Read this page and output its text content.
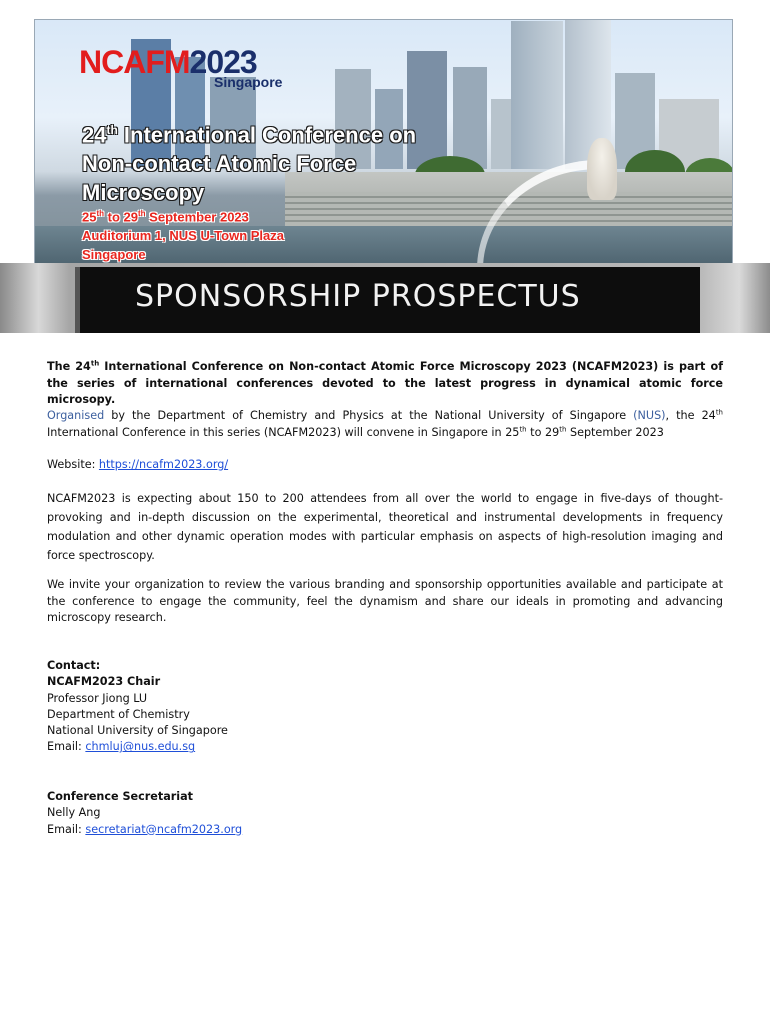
NCAFM2023
Singapore
24th International Conference on
Non-contact Atomic Force
Microscopy
25th to 29th September 2023
Auditorium 1, NUS U-Town Plaza
Singapore
SPONSORSHIP PROSPECTUS
The 24th International Conference on Non-contact Atomic Force Microscopy 2023 (NCAFM2023) is part of the series of international conferences devoted to the latest progress in dynamical atomic force microsopy.
Organised by the Department of Chemistry and Physics at the National University of Singapore (NUS), the 24th International Conference in this series (NCAFM2023) will convene in Singapore in 25th to 29th September 2023
Website: https://ncafm2023.org/
NCAFM2023 is expecting about 150 to 200 attendees from all over the world to engage in five-days of thought-provoking and in-depth discussion on the experimental, theoretical and instrumental developments in frequency modulation and other dynamic operation modes with particular emphasis on aspects of high-resolution imaging and force spectroscopy.
We invite your organization to review the various branding and sponsorship opportunities available and participate at the conference to engage the community, feel the dynamism and share our ideals in promoting and advancing microscopy research.
Contact:
NCAFM2023 Chair
Professor Jiong LU
Department of Chemistry
National University of Singapore
Email: chmluj@nus.edu.sg
Conference Secretariat
Nelly Ang
Email: secretariat@ncafm2023.org
